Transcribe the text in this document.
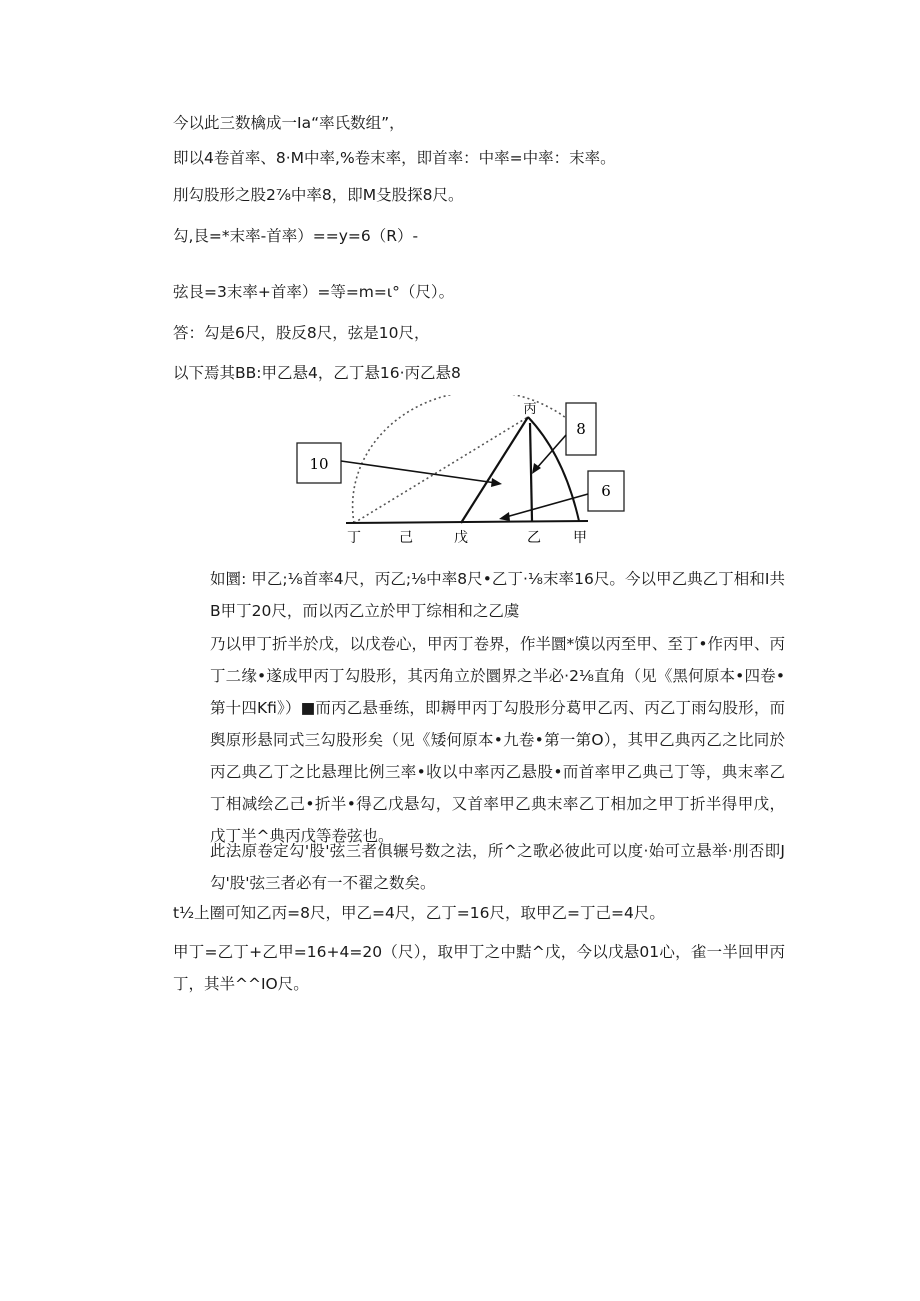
今以此三数檎成一Ia“率氏数组”，
即以4卷首率、8·M中率,%卷末率，即首率：中率=中率：末率。
刖勾股形之股2⅞中率8，即M殳股探8尺。
勾,艮=*末率-首率）==y=6（R）-
弦艮=3末率+首率）=等=m=ι°（尺）。
答：勾是6尺，股反8尺，弦是10尺，
以下焉其BB:甲乙悬4，乙丁悬16·丙乙悬8
10
8
6
丙
丁	己	戊	乙 甲
如圜: 甲乙;⅛首率4尺，丙乙;⅛中率8尺•乙丁·⅛末率16尺。今以甲乙典乙丁相和I共B甲丁20尺，而以丙乙立於甲丁综相和之乙虞
乃以甲丁折半於戊，以戊卷心，甲丙丁卷界，作半圜*馍以丙至甲、至丁•作丙甲、丙丁二缘•遂成甲丙丁勾股形，其丙角立於圜界之半必·2⅛直角（见《黑何原本•四卷•第十四Kfi》）■而丙乙悬垂练，即耨甲丙丁勾股形分葛甲乙丙、丙乙丁雨勾股形，而舆原形悬同式三勾股形矣（见《矮何原本•九卷•第一第O），其甲乙典丙乙之比同於丙乙典乙丁之比悬理比例三率•收以中率丙乙悬股•而首率甲乙典己丁等，典末率乙丁相减绘乙己•折半•得乙戊悬勾，又首率甲乙典末率乙丁相加之甲丁折半得甲戊，戊丁半^典丙戊等卷弦也。
此法原卷定勾'股'弦三者俱辗号数之法，所^之歌必彼此可以度·始可立悬举·刖否即J勾'股'弦三者必有一不翟之数矣。
t½上圈可知乙丙=8尺，甲乙=4尺，乙丁=16尺，取甲乙=丁己=4尺。
甲丁=乙丁+乙甲=16+4=20（尺），取甲丁之中黠^戊，今以戊悬01心，雀一半回甲丙丁，其半^^IO尺。
